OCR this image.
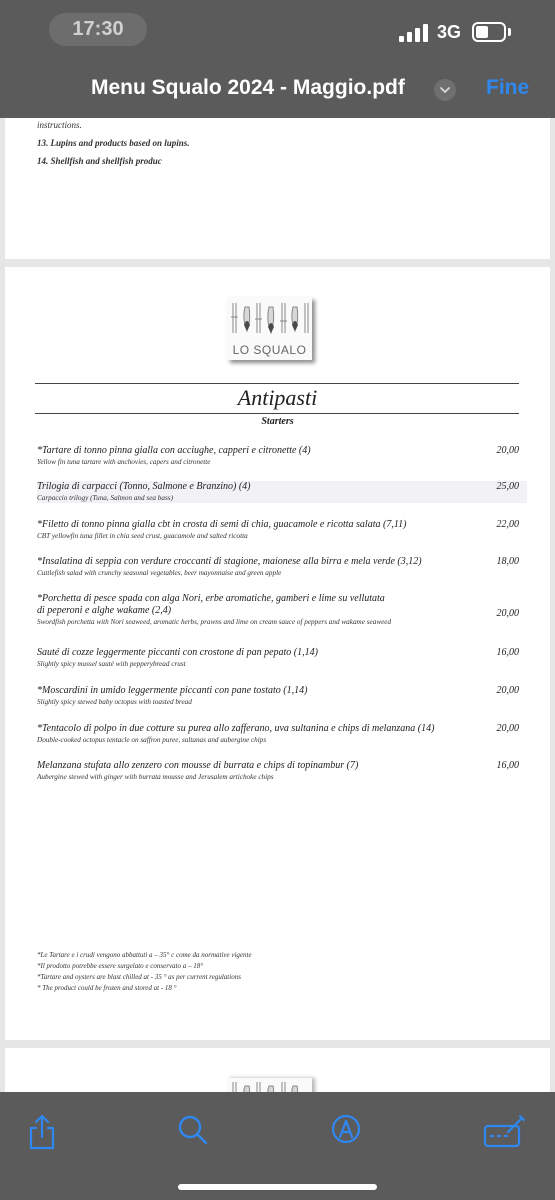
17:30	3G
Menu Squalo 2024 - Maggio.pdf	Fine
instructions.
13. Lupins and products based on lupins.
14. Shellfish and shellfish produc
LO SQUALO
Antipasti
Starters
*Tartare di tonno pinna gialla con acciughe, capperi e citronette (4)
Yellow fin tuna tartare with anchovies, capers and citronette
20,00
Trilogia di carpacci (Tonno, Salmone e Branzino) (4)
Carpaccio trilogy (Tuna, Salmon and sea bass)
25,00
*Filetto di tonno pinna gialla cbt in crosta di semi di chia, guacamole e ricotta salata (7,11)
CBT yellowfin tuna fillet in chia seed crust, guacamole and salted ricotta
22,00
*Insalatina di seppia con verdure croccanti di stagione, maionese alla birra e mela verde (3,12)
Cuttlefish salad with crunchy seasonal vegetables, beer mayonnaise and green apple
18,00
*Porchetta di pesce spada con alga Nori, erbe aromatiche, gamberi e lime su vellutata
di peperoni e alghe wakame (2,4)
Swordfish porchetta with Nori seaweed, aromatic herbs, prawns and lime on cream sauce of peppers and wakame seaweed
20,00
Sauté di cozze leggermente piccanti con crostone di pan pepato (1,14)
Slightly spicy mussel sauté with pepperybread crust
16,00
*Moscardini in umido leggermente piccanti con pane tostato (1,14)
Slightly spicy stewed baby octopus with toasted bread
20,00
*Tentacolo di polpo in due cotture su purea allo zafferano, uva sultanina e chips di melanzana (14)
Double-cooked octopus tentacle on saffron puree, sultanas and aubergine chips
20,00
Melanzana stufata allo zenzero con mousse di burrata e chips di topinambur (7)
Aubergine stewed with ginger with burrata mousse and Jerusalem artichoke chips
16,00
*Le Tartare e i crudi vengono abbattuti a – 35° c come da normative vigente
*Il prodotto potrebbe essere surgelato e conservato a – 18°
*Tartare and oysters are blast chilled at - 35 ° as per current regulations
* The product could be frozen and stored at - 18 °
